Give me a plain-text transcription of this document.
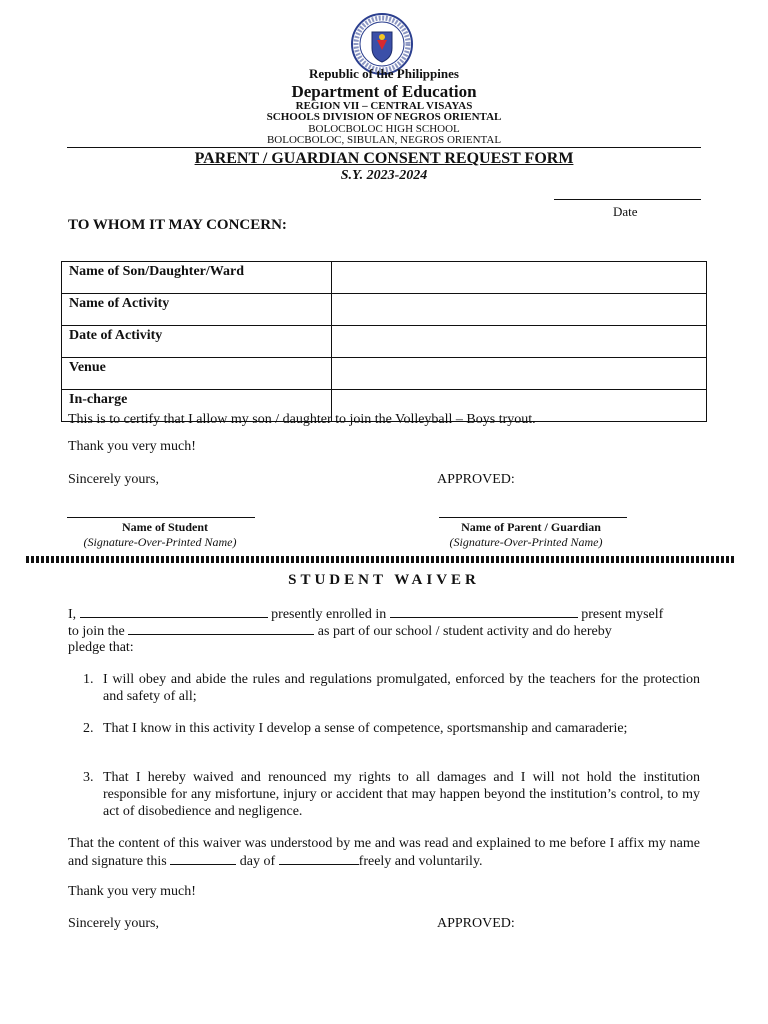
Republic of the Philippines
Department of Education
REGION VII – CENTRAL VISAYAS
SCHOOLS DIVISION OF NEGROS ORIENTAL
BOLOCBOLOC HIGH SCHOOL
BOLOCBOLOC, SIBULAN, NEGROS ORIENTAL
PARENT / GUARDIAN CONSENT REQUEST FORM
S.Y. 2023-2024
Date
TO WHOM IT MAY CONCERN:
Name of Son/Daughter/Ward	
Name of Activity	
Date of Activity	
Venue	
In-charge	
This is to certify that I allow my son / daughter to join the Volleyball – Boys tryout.
Thank you very much!
Sincerely yours,	APPROVED:
Name of Student
(Signature-Over-Printed Name)
Name of Parent / Guardian
(Signature-Over-Printed Name)
STUDENT WAIVER
I,	presently enrolled in	present myself
to join the	as part of our school / student activity and do hereby
pledge that:
1. I will obey and abide the rules and regulations promulgated, enforced by the teachers for the protection and safety of all;
2. That I know in this activity I develop a sense of competence, sportsmanship and camaraderie;
3. That I hereby waived and renounced my rights to all damages and I will not hold the institution responsible for any misfortune, injury or accident that may happen beyond the institution’s control, to my act of disobedience and negligence.
That the content of this waiver was understood by me and was read and explained to me before I affix my name and signature this	day of	freely and voluntarily.
Thank you very much!
Sincerely yours,	APPROVED:
